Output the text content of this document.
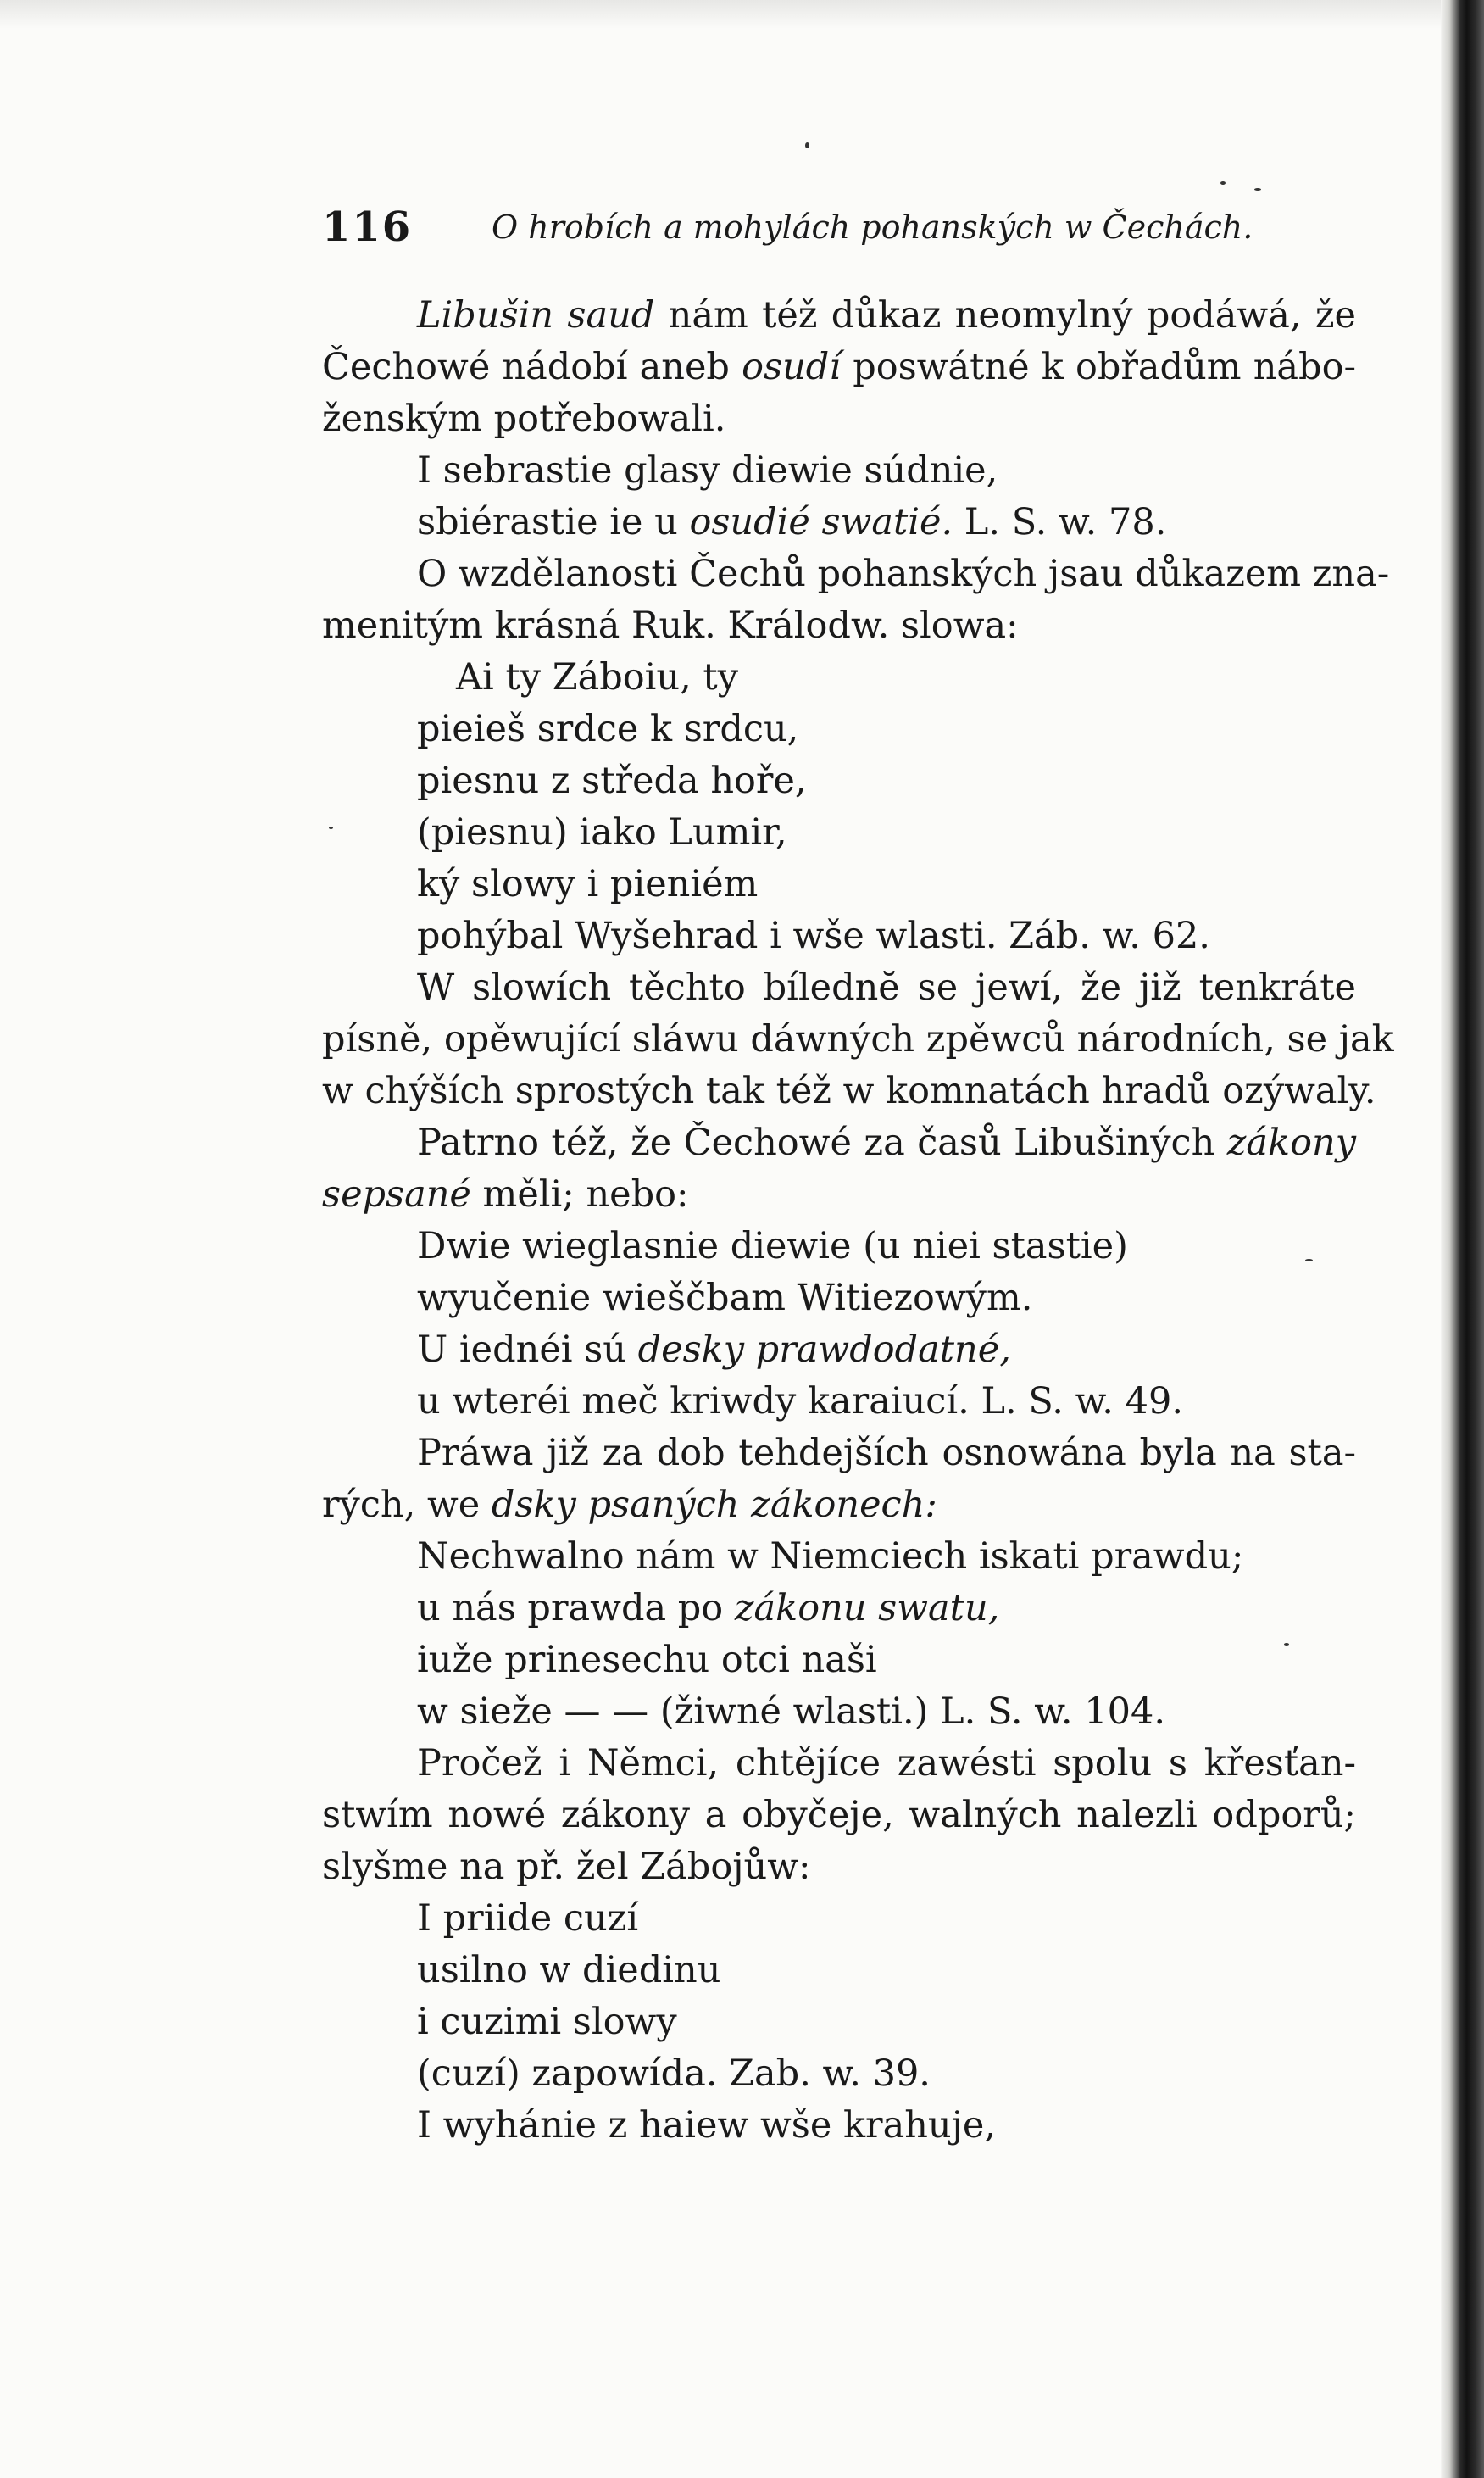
116 O hrobích a mohylách pohanských w Čechách.
Libušin saud nám též důkaz neomylný podáwá, že
Čechowé nádobí aneb osudí poswátné k obřadům nábo-
ženským potřebowali.
I sebrastie glasy diewie súdnie,
sbiérastie ie u osudié swatié. L. S. w. 78.
O wzdělanosti Čechů pohanských jsau důkazem zna-
menitým krásná Ruk. Králodw. slowa:
Ai ty Záboiu, ty
pieieš srdce k srdcu,
piesnu z středa hoře,
(piesnu) iako Lumir,
ký slowy i pieniém
pohýbal Wyšehrad i wše wlasti. Záb. w. 62.
W slowích těchto bílednĕ se jewí, že již tenkráte
písně, opěwující sláwu dáwných zpěwců národních, se jak
w chýších sprostých tak též w komnatách hradů ozýwaly.
Patrno též, že Čechowé za časů Libušiných zákony
sepsané měli; nebo:
Dwie wieglasnie diewie (u niei stastie)
wyučenie wieščbam Witiezowým.
U iednéi sú desky prawdodatné,
u wteréi meč kriwdy karaiucí. L. S. w. 49.
Práwa již za dob tehdejších osnowána byla na sta-
rých, we dsky psaných zákonech:
Nechwalno nám w Niemciech iskati prawdu;
u nás prawda po zákonu swatu,
iuže prinesechu otci naši
w sieže — — (žiwné wlasti.) L. S. w. 104.
Pročež i Němci, chtějíce zawésti spolu s křesťan-
stwím nowé zákony a obyčeje, walných nalezli odporů;
slyšme na př. žel Zábojůw:
I priide cuzí
usilno w diedinu
i cuzimi slowy
(cuzí) zapowída. Zab. w. 39.
I wyhánie z haiew wše krahuje,
